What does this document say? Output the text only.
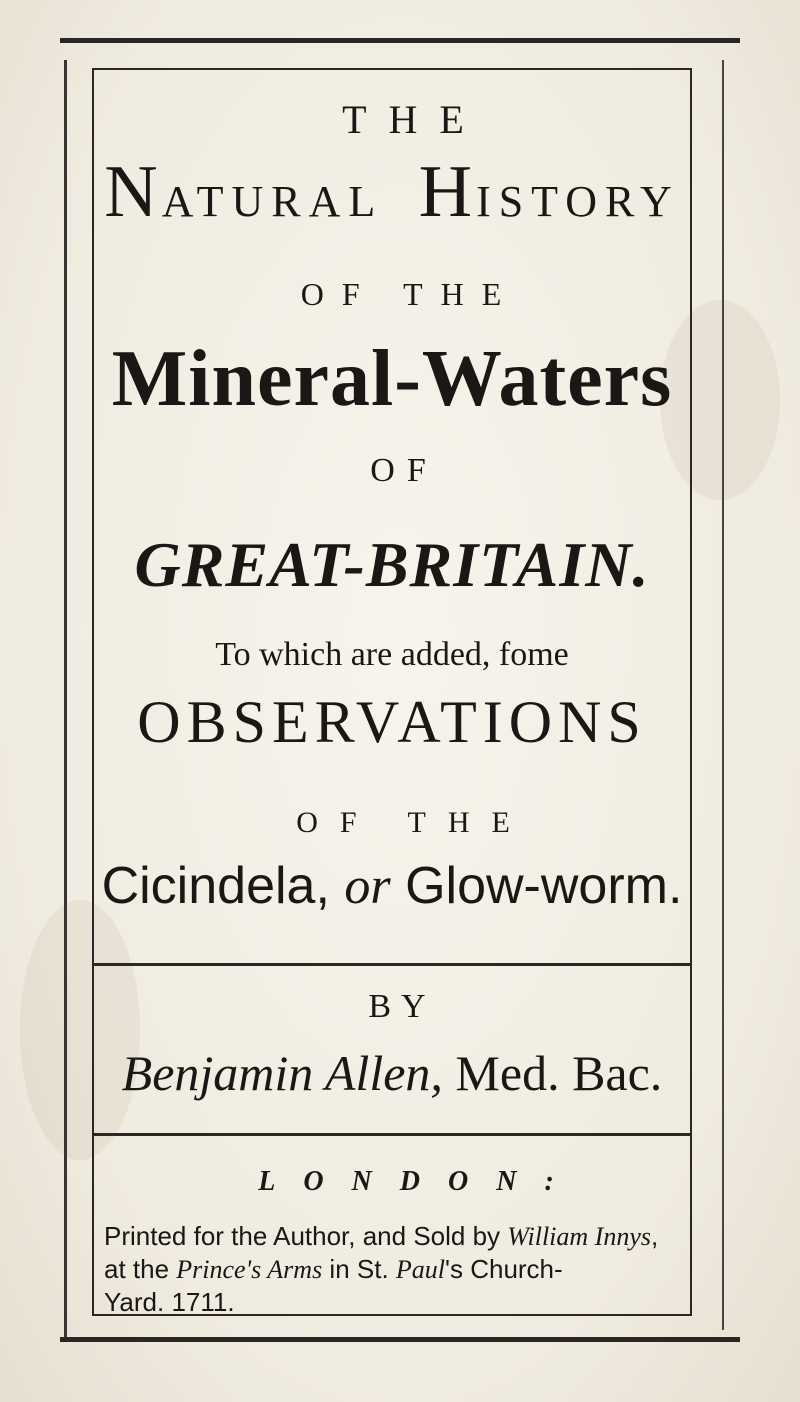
THE
NATURAL HISTORY
OF THE
Mineral-Waters
OF
GREAT-BRITAIN.
To which are added, fome
OBSERVATIONS
OF THE
Cicindela, or Glow-worm.
BY
Benjamin Allen, Med. Bac.
LONDON:
Printed for the Author, and Sold by William Innys,
at the Prince's Arms in St. Paul's Church-
Yard. 1711.
